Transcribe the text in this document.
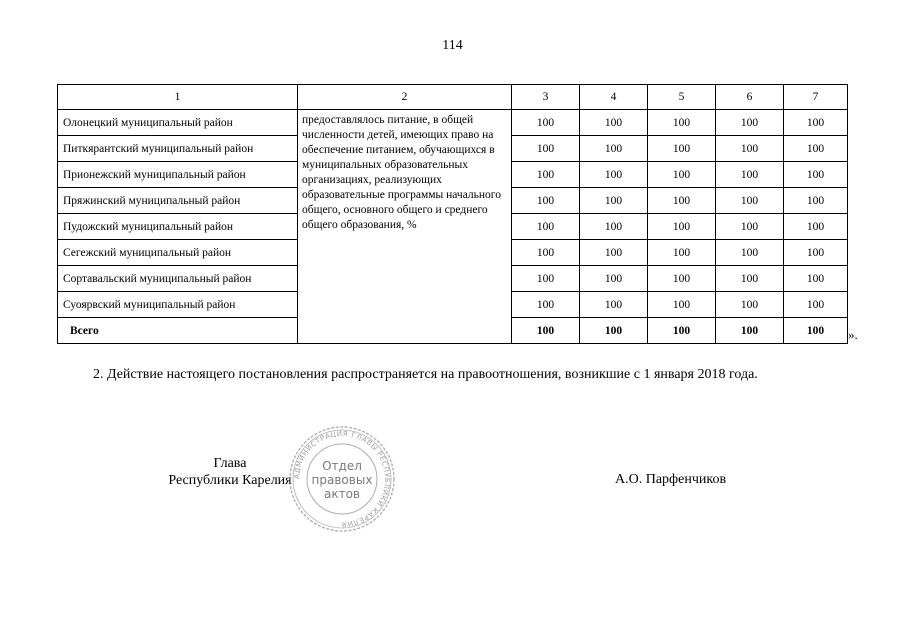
114
1	2	3	4	5	6	7
Олонецкий муниципальный район	предоставлялось питание, в общей численности детей, имеющих право на обеспечение питанием, обучающихся в муниципальных образовательных организациях, реализующих образовательные программы начального общего, основного общего и среднего общего образования, %	100	100	100	100	100
Питкярантский муниципальный район		100	100	100	100	100
Прионежский муниципальный район		100	100	100	100	100
Пряжинский муниципальный район		100	100	100	100	100
Пудожский муниципальный район		100	100	100	100	100
Сегежский муниципальный район		100	100	100	100	100
Сортавальский муниципальный район		100	100	100	100	100
Суоярвский муниципальный район		100	100	100	100	100
Всего		100	100	100	100	100 ».
2. Действие настоящего постановления распространяется на правоотношения, возникшие с 1 января 2018 года.
Глава
Республики Карелия АДМИНИСТРАЦИЯ ГЛАВЫ РЕСПУБЛИКИ КАРЕЛИЯ
Отдел
правовых
актов
А.О. Парфенчиков
